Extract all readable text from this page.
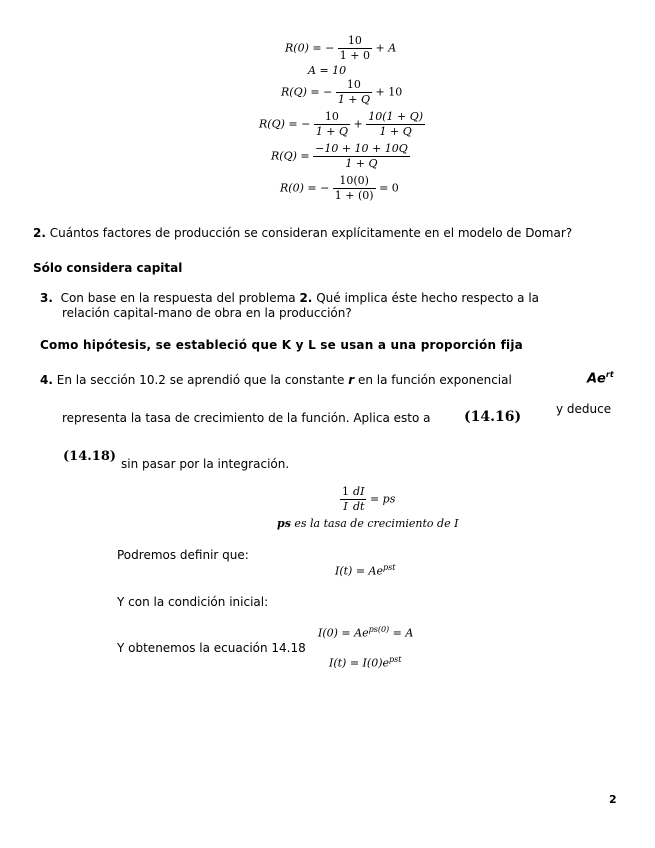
R(0) = − $\frac{10}{1 + 0} + A$
A = 10
R(Q) = − $\frac{10}{1 + Q} + 10$
R(Q) = − $\frac{10}{1 + Q} + \frac{10(1 + Q)}{1 + Q}$
$R(Q) = \frac{-10 + 10 + 10Q}{1 + Q}$
R(0) = − $\frac{10(0)}{1 + (0)} = 0$
2. Cuántos factores de producción se consideran explícitamente en el modelo de Domar?
Sólo considera capital
3. Con base en la respuesta del problema 2. Qué implica éste hecho respecto a la
relación capital-mano de obra en la producción?
Como hipótesis, se estableció que K y L se usan a una proporción fija
4. En la sección 10.2 se aprendió que la constante r en la función exponencial	$Ae^{rt}$
representa la tasa de crecimiento de la función. Aplica esto a (14.16)	y deduce
(14.18) sin pasar por la integración.
$\frac{1}{I} \frac{dI}{dt}$ = ps
ps es la tasa de crecimiento de I
Podremos definir que:
$I(t) = Ae^{pst}$
Y con la condición inicial:
$I(0) = Ae^{ps(0)} = A$
Y obtenemos la ecuación 14.18
$I(t) = I(0)e^{pst}$
2
